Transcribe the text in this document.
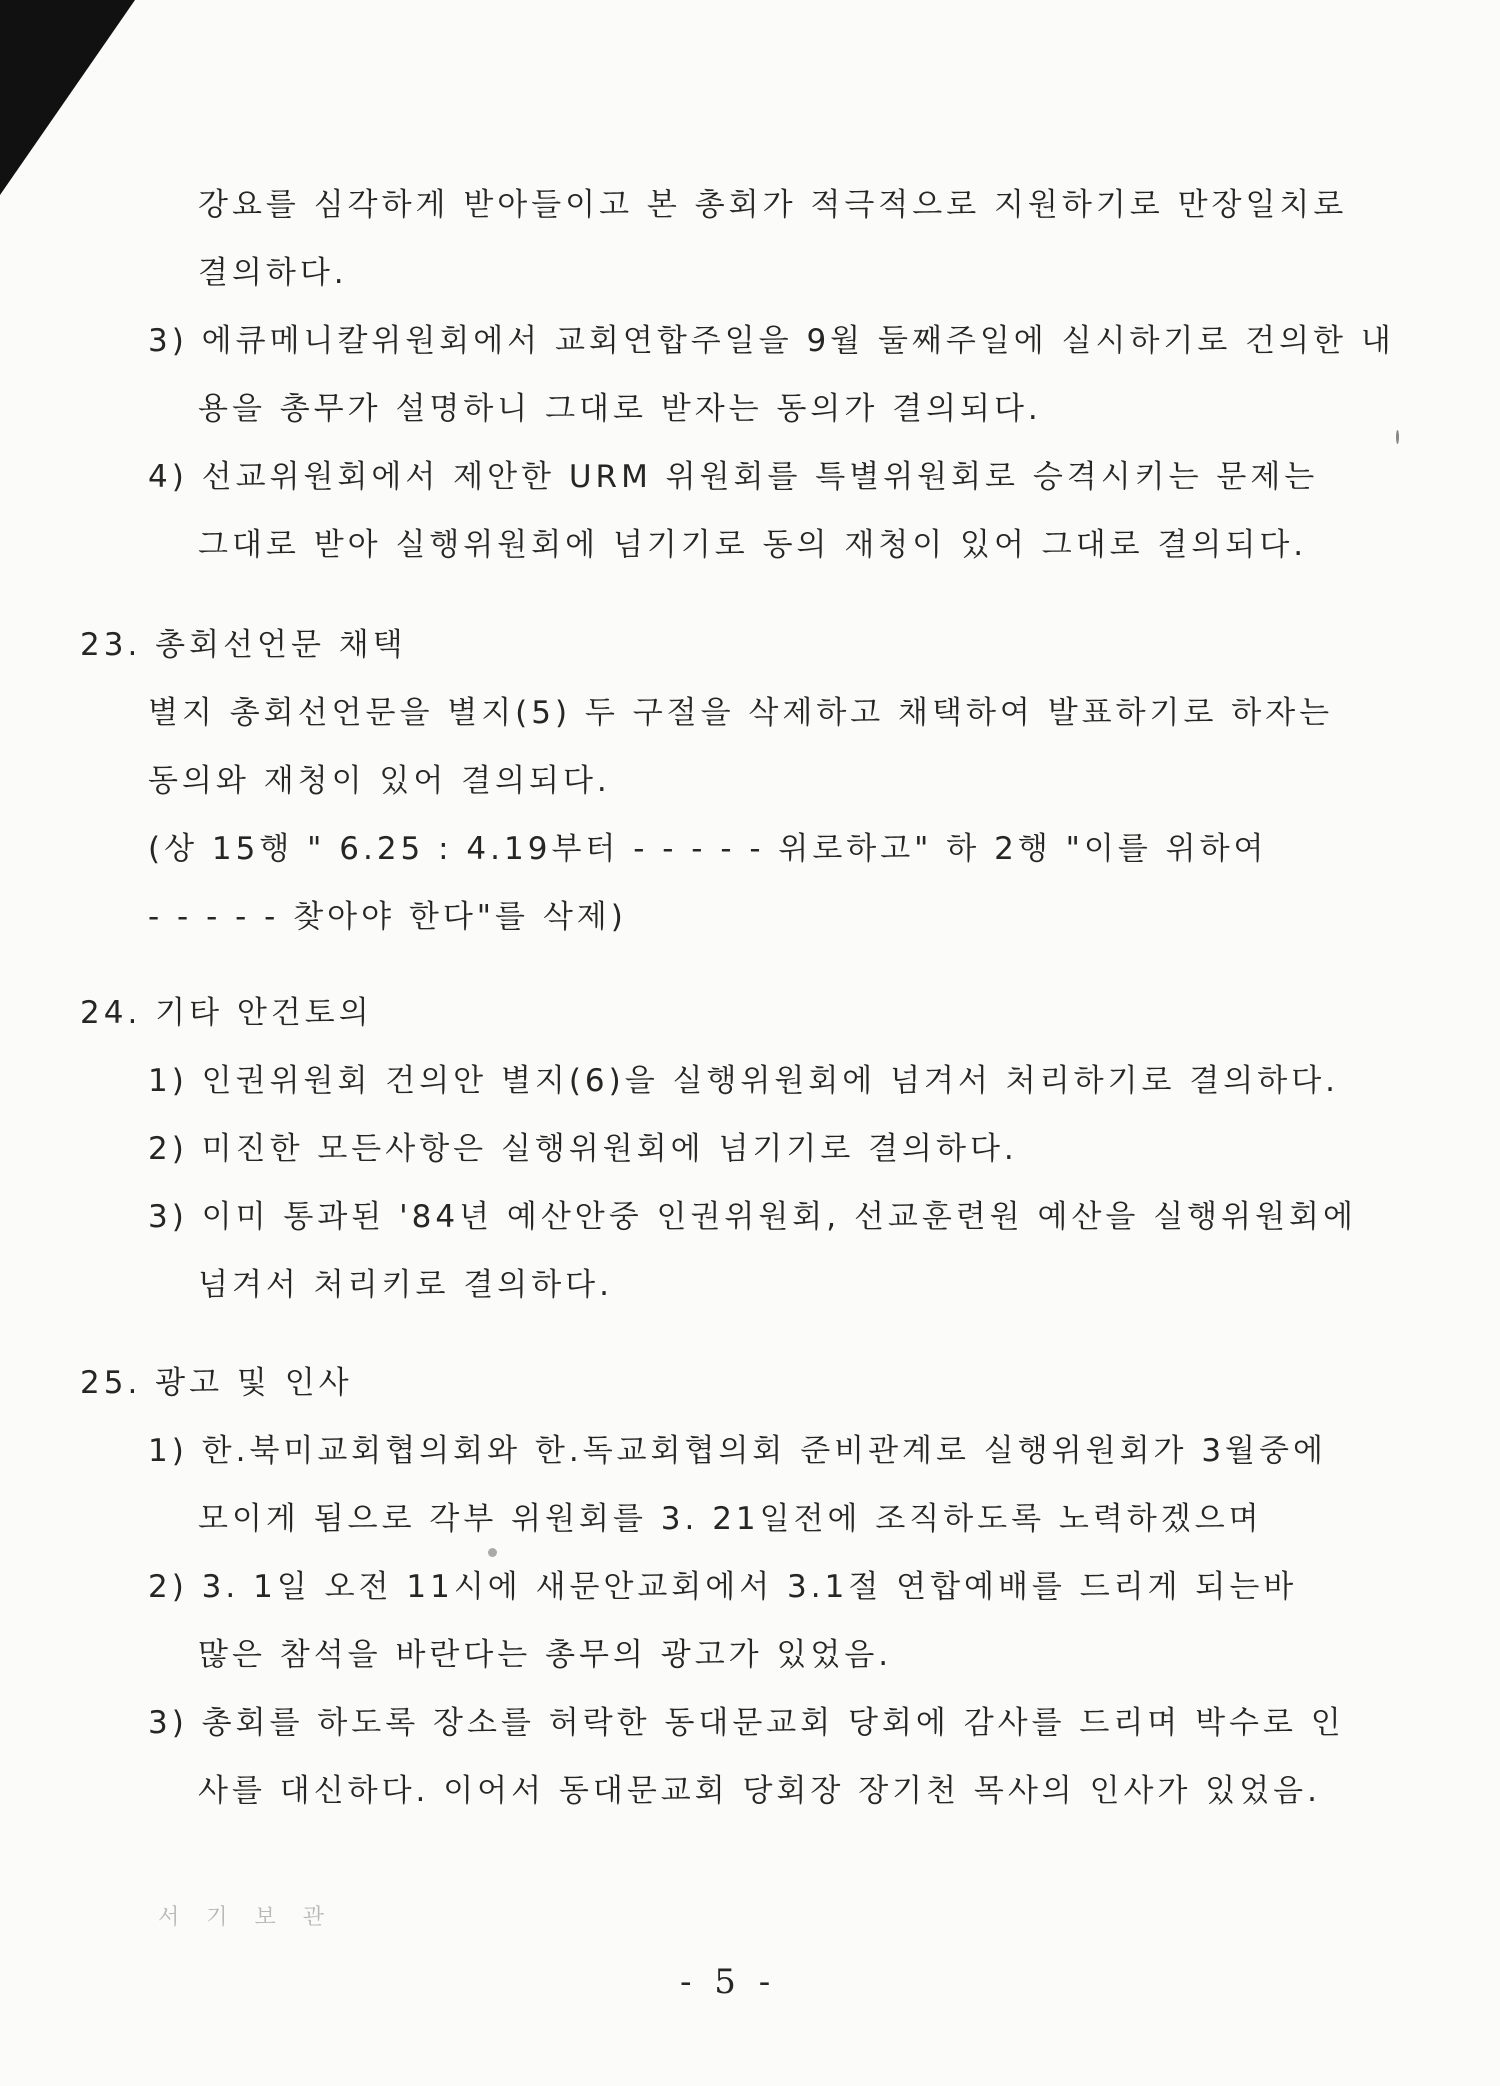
강요를 심각하게 받아들이고 본 총회가 적극적으로 지원하기로 만장일치로
결의하다.
3) 에큐메니칼위원회에서 교회연합주일을 9월 둘째주일에 실시하기로 건의한 내
용을 총무가 설명하니 그대로 받자는 동의가 결의되다.
4) 선교위원회에서 제안한 URM 위원회를 특별위원회로 승격시키는 문제는
그대로 받아 실행위원회에 넘기기로 동의 재청이 있어 그대로 결의되다.
23. 총회선언문 채택
별지 총회선언문을 별지(5) 두 구절을 삭제하고 채택하여 발표하기로 하자는
동의와 재청이 있어 결의되다.
(상 15행 " 6.25 : 4.19부터 - - - - - 위로하고" 하 2행 "이를 위하여
- - - - - 찾아야 한다"를 삭제)
24. 기타 안건토의
1) 인권위원회 건의안 별지(6)을 실행위원회에 넘겨서 처리하기로 결의하다.
2) 미진한 모든사항은 실행위원회에 넘기기로 결의하다.
3) 이미 통과된 '84년 예산안중 인권위원회, 선교훈련원 예산을 실행위원회에
넘겨서 처리키로 결의하다.
25. 광고 및 인사
1) 한.북미교회협의회와 한.독교회협의회 준비관계로 실행위원회가 3월중에
모이게 됨으로 각부 위원회를 3. 21일전에 조직하도록 노력하겠으며
2) 3. 1일 오전 11시에 새문안교회에서 3.1절 연합예배를 드리게 되는바
많은 참석을 바란다는 총무의 광고가 있었음.
3) 총회를 하도록 장소를 허락한 동대문교회 당회에 감사를 드리며 박수로 인
사를 대신하다. 이어서 동대문교회 당회장 장기천 목사의 인사가 있었음.
서 기 보 관
- 5 -
